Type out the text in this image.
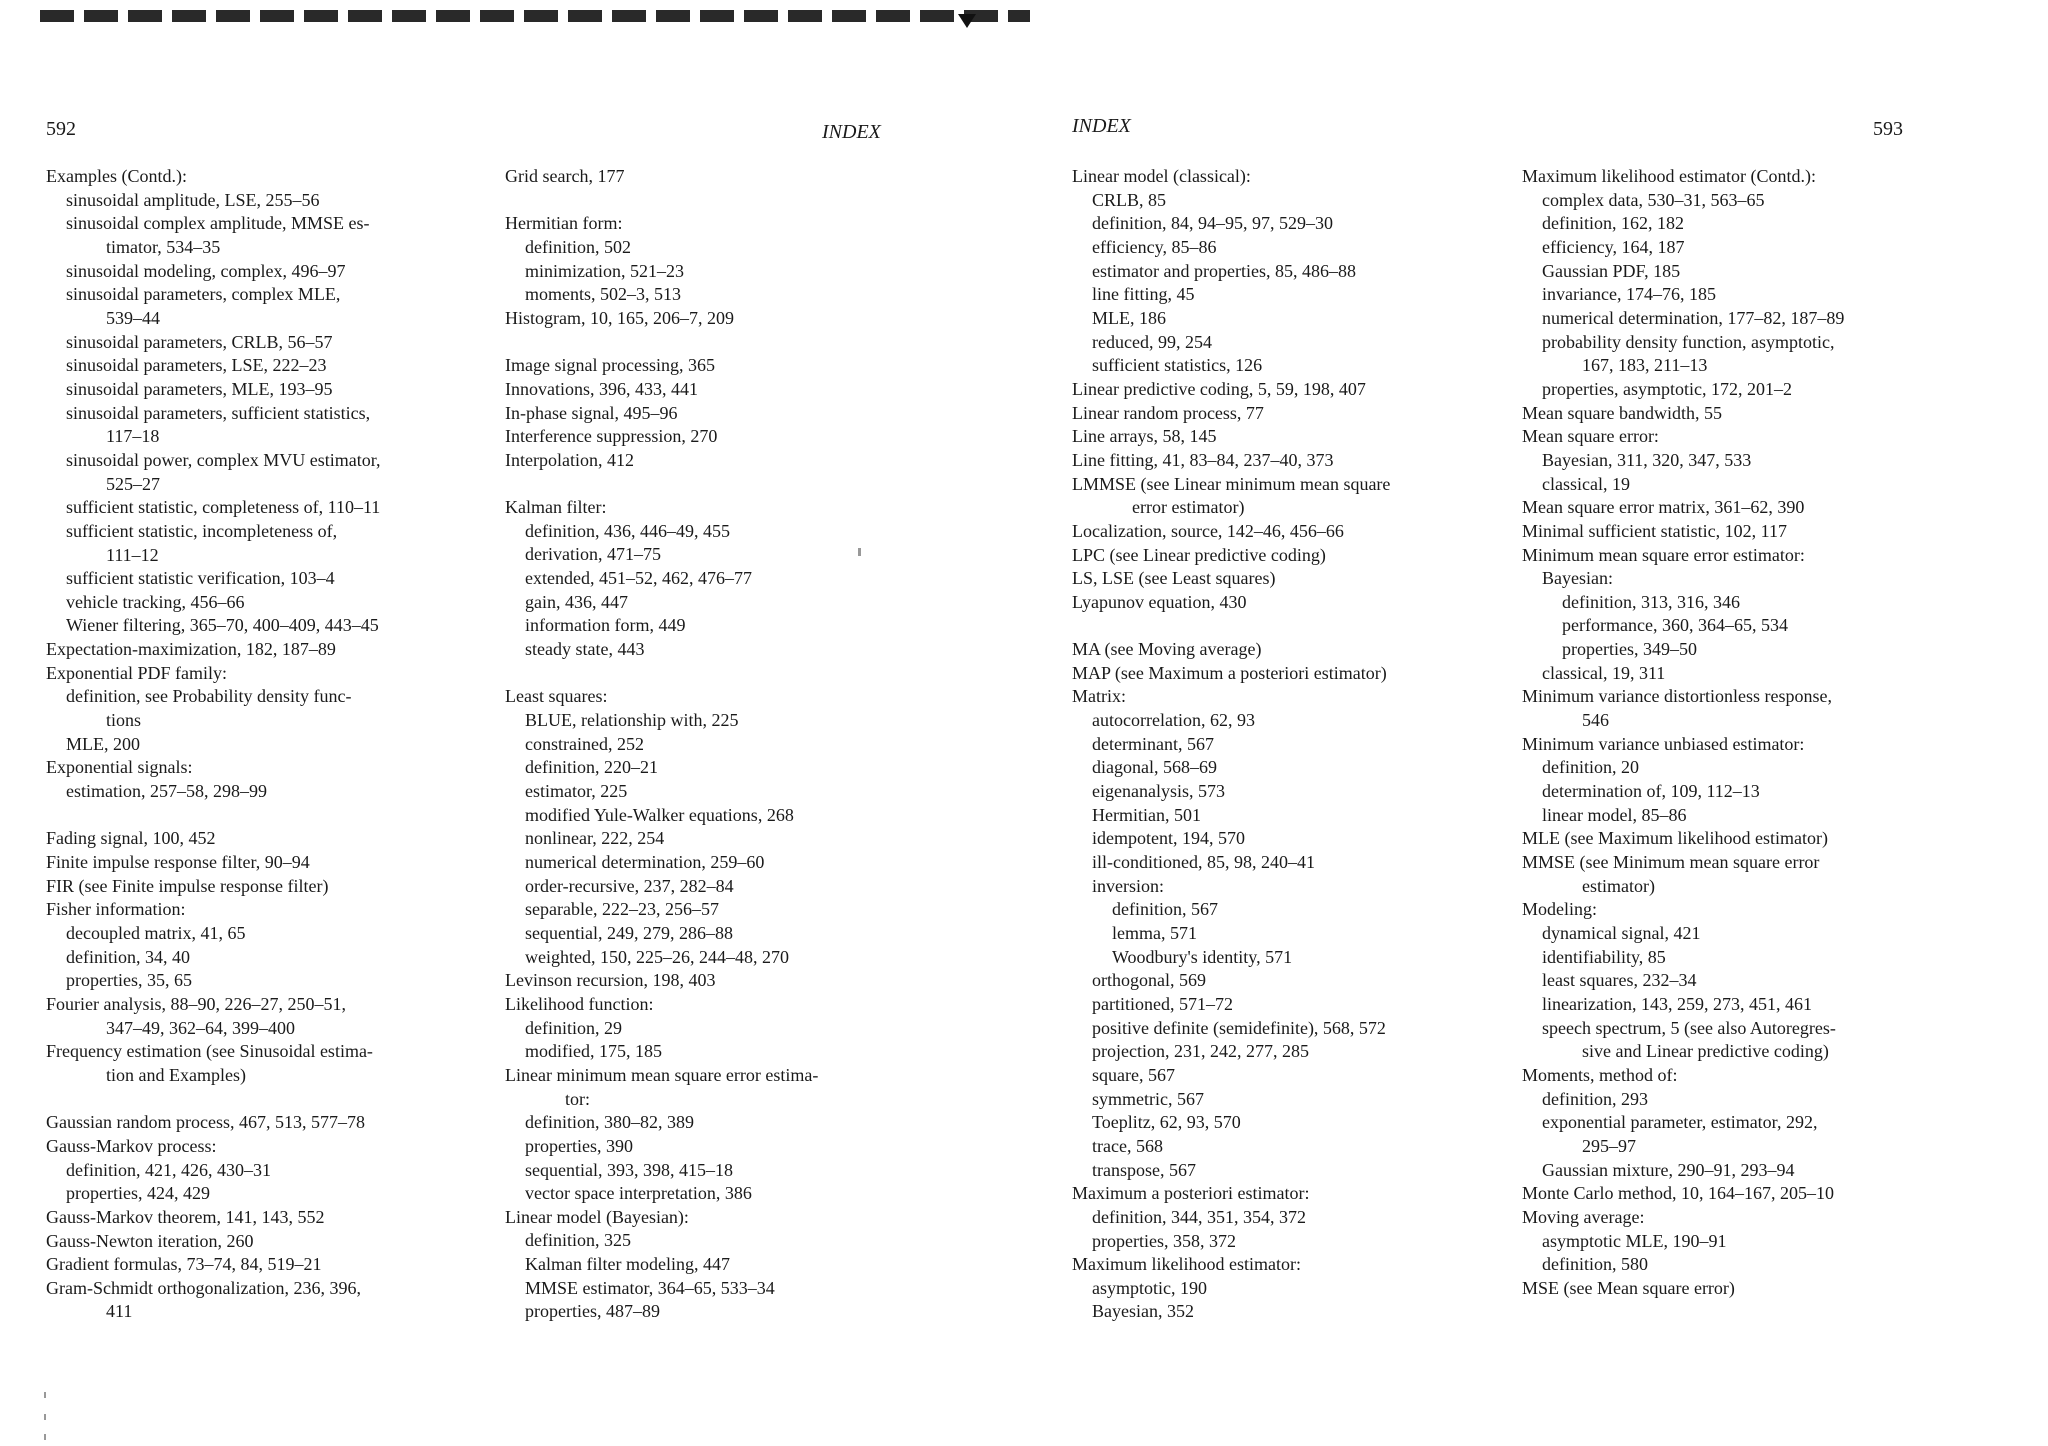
592	INDEX
Examples (Contd.):
sinusoidal amplitude, LSE, 255–56
sinusoidal complex amplitude, MMSE es-
timator, 534–35
sinusoidal modeling, complex, 496–97
sinusoidal parameters, complex MLE,
539–44
sinusoidal parameters, CRLB, 56–57
sinusoidal parameters, LSE, 222–23
sinusoidal parameters, MLE, 193–95
sinusoidal parameters, sufficient statistics,
117–18
sinusoidal power, complex MVU estimator,
525–27
sufficient statistic, completeness of, 110–11
sufficient statistic, incompleteness of,
111–12
sufficient statistic verification, 103–4
vehicle tracking, 456–66
Wiener filtering, 365–70, 400–409, 443–45
Expectation-maximization, 182, 187–89
Exponential PDF family:
definition, see Probability density func-
tions
MLE, 200
Exponential signals:
estimation, 257–58, 298–99
Fading signal, 100, 452
Finite impulse response filter, 90–94
FIR (see Finite impulse response filter)
Fisher information:
decoupled matrix, 41, 65
definition, 34, 40
properties, 35, 65
Fourier analysis, 88–90, 226–27, 250–51,
347–49, 362–64, 399–400
Frequency estimation (see Sinusoidal estima-
tion and Examples)
Gaussian random process, 467, 513, 577–78
Gauss-Markov process:
definition, 421, 426, 430–31
properties, 424, 429
Gauss-Markov theorem, 141, 143, 552
Gauss-Newton iteration, 260
Gradient formulas, 73–74, 84, 519–21
Gram-Schmidt orthogonalization, 236, 396,
411
Grid search, 177
Hermitian form:
definition, 502
minimization, 521–23
moments, 502–3, 513
Histogram, 10, 165, 206–7, 209
Image signal processing, 365
Innovations, 396, 433, 441
In-phase signal, 495–96
Interference suppression, 270
Interpolation, 412
Kalman filter:
definition, 436, 446–49, 455
derivation, 471–75
extended, 451–52, 462, 476–77
gain, 436, 447
information form, 449
steady state, 443
Least squares:
BLUE, relationship with, 225
constrained, 252
definition, 220–21
estimator, 225
modified Yule-Walker equations, 268
nonlinear, 222, 254
numerical determination, 259–60
order-recursive, 237, 282–84
separable, 222–23, 256–57
sequential, 249, 279, 286–88
weighted, 150, 225–26, 244–48, 270
Levinson recursion, 198, 403
Likelihood function:
definition, 29
modified, 175, 185
Linear minimum mean square error estima-
tor:
definition, 380–82, 389
properties, 390
sequential, 393, 398, 415–18
vector space interpretation, 386
Linear model (Bayesian):
definition, 325
Kalman filter modeling, 447
MMSE estimator, 364–65, 533–34
properties, 487–89
593
INDEX
Linear model (classical):
CRLB, 85
definition, 84, 94–95, 97, 529–30
efficiency, 85–86
estimator and properties, 85, 486–88
line fitting, 45
MLE, 186
reduced, 99, 254
sufficient statistics, 126
Linear predictive coding, 5, 59, 198, 407
Linear random process, 77
Line arrays, 58, 145
Line fitting, 41, 83–84, 237–40, 373
LMMSE (see Linear minimum mean square
error estimator)
Localization, source, 142–46, 456–66
LPC (see Linear predictive coding)
LS, LSE (see Least squares)
Lyapunov equation, 430
MA (see Moving average)
MAP (see Maximum a posteriori estimator)
Matrix:
autocorrelation, 62, 93
determinant, 567
diagonal, 568–69
eigenanalysis, 573
Hermitian, 501
idempotent, 194, 570
ill-conditioned, 85, 98, 240–41
inversion:
definition, 567
lemma, 571
Woodbury's identity, 571
orthogonal, 569
partitioned, 571–72
positive definite (semidefinite), 568, 572
projection, 231, 242, 277, 285
square, 567
symmetric, 567
Toeplitz, 62, 93, 570
trace, 568
transpose, 567
Maximum a posteriori estimator:
definition, 344, 351, 354, 372
properties, 358, 372
Maximum likelihood estimator:
asymptotic, 190
Bayesian, 352
Maximum likelihood estimator (Contd.):
complex data, 530–31, 563–65
definition, 162, 182
efficiency, 164, 187
Gaussian PDF, 185
invariance, 174–76, 185
numerical determination, 177–82, 187–89
probability density function, asymptotic,
167, 183, 211–13
properties, asymptotic, 172, 201–2
Mean square bandwidth, 55
Mean square error:
Bayesian, 311, 320, 347, 533
classical, 19
Mean square error matrix, 361–62, 390
Minimal sufficient statistic, 102, 117
Minimum mean square error estimator:
Bayesian:
definition, 313, 316, 346
performance, 360, 364–65, 534
properties, 349–50
classical, 19, 311
Minimum variance distortionless response,
546
Minimum variance unbiased estimator:
definition, 20
determination of, 109, 112–13
linear model, 85–86
MLE (see Maximum likelihood estimator)
MMSE (see Minimum mean square error
estimator)
Modeling:
dynamical signal, 421
identifiability, 85
least squares, 232–34
linearization, 143, 259, 273, 451, 461
speech spectrum, 5 (see also Autoregres-
sive and Linear predictive coding)
Moments, method of:
definition, 293
exponential parameter, estimator, 292,
295–97
Gaussian mixture, 290–91, 293–94
Monte Carlo method, 10, 164–167, 205–10
Moving average:
asymptotic MLE, 190–91
definition, 580
MSE (see Mean square error)
